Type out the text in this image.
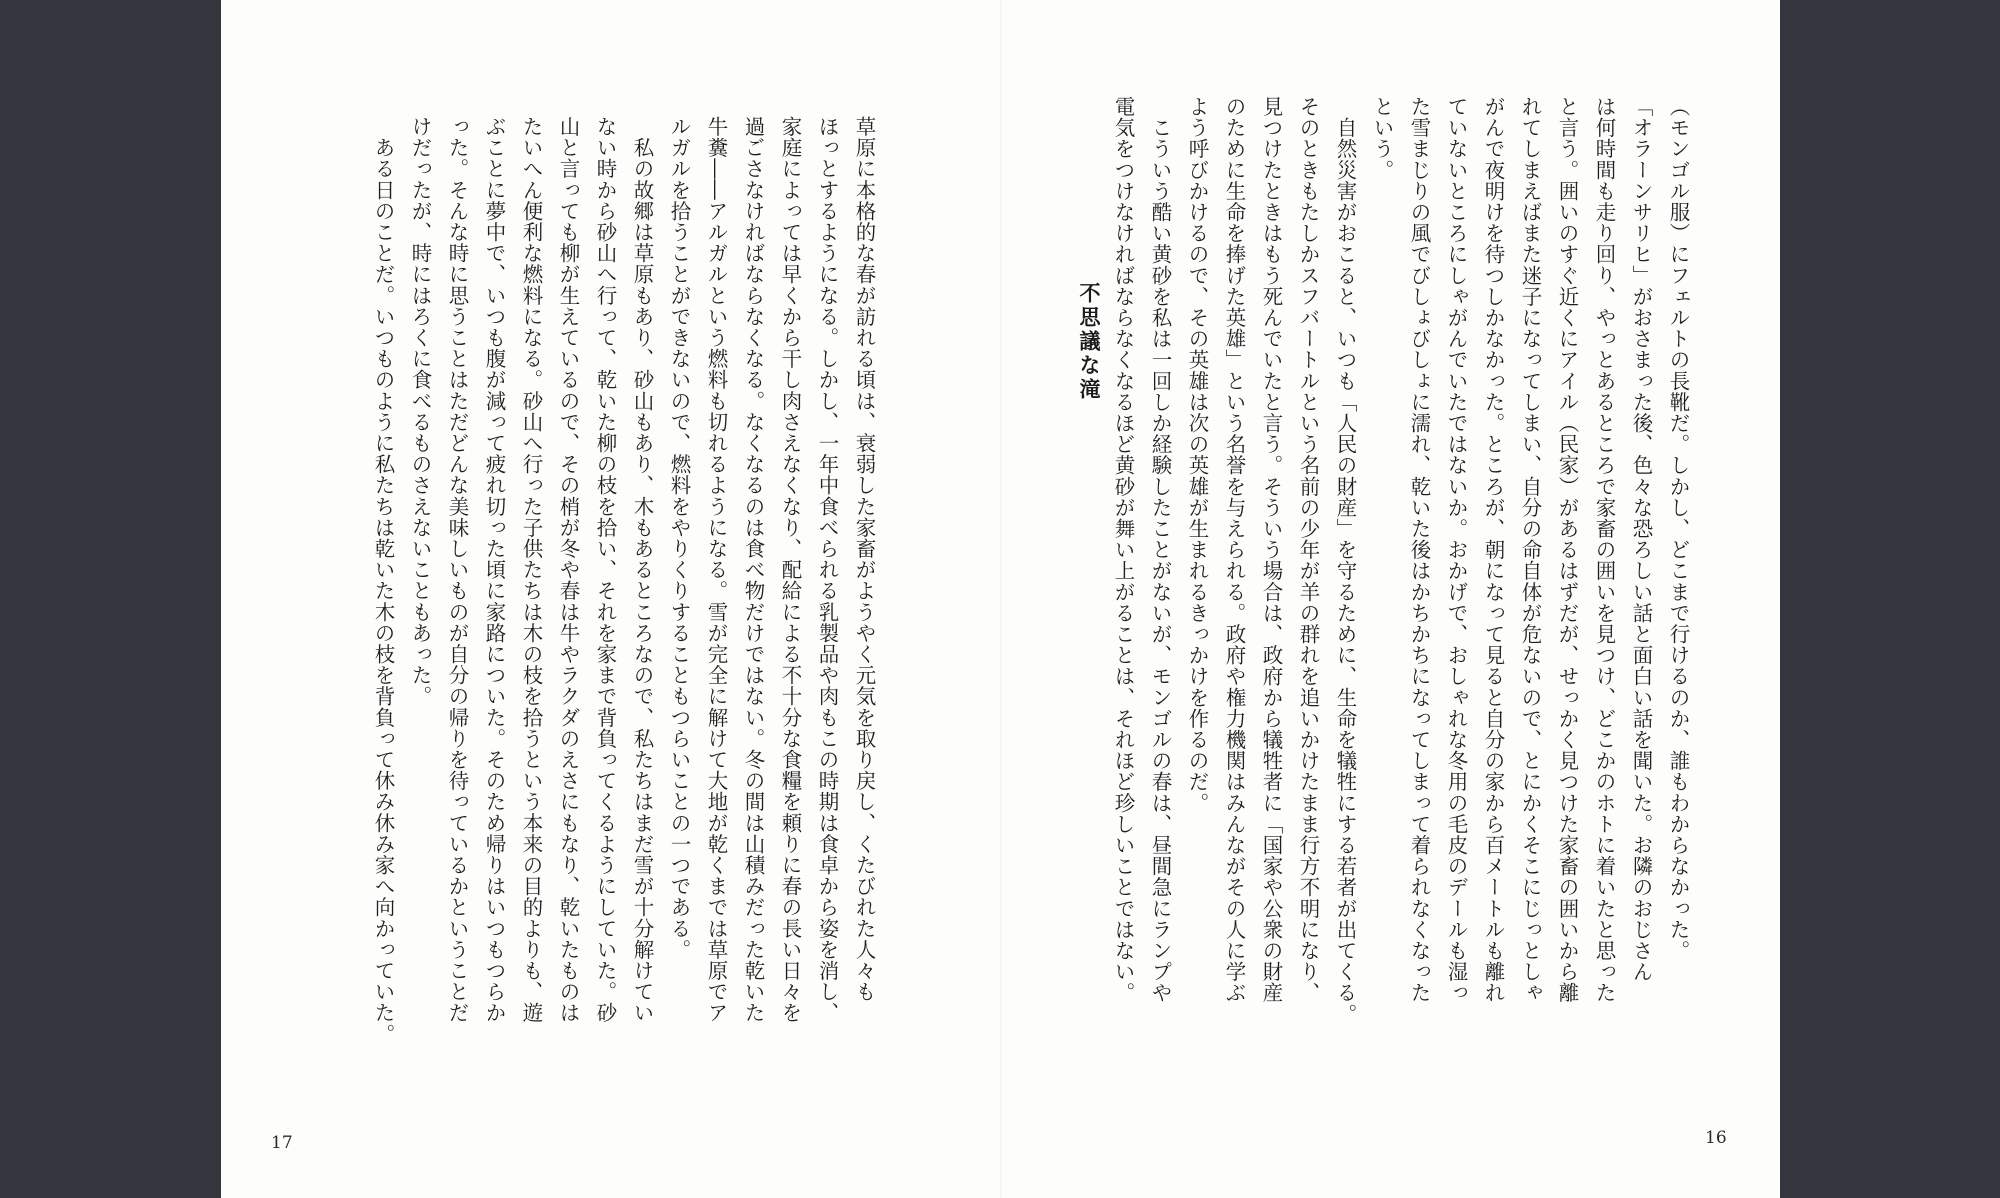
（モンゴル服）にフェルトの長靴だ。しかし、どこまで行けるのか、誰もわからなかった。
「オラーンサリヒ」がおさまった後、色々な恐ろしい話と面白い話を聞いた。お隣のおじさん
は何時間も走り回り、やっとあるところで家畜の囲いを見つけ、どこかのホトに着いたと思った
と言う。囲いのすぐ近くにアイル（民家）があるはずだが、せっかく見つけた家畜の囲いから離
れてしまえばまた迷子になってしまい、自分の命自体が危ないので、とにかくそこにじっとしゃ
がんで夜明けを待つしかなかった。ところが、朝になって見ると自分の家から百メートルも離れ
ていないところにしゃがんでいたではないか。おかげで、おしゃれな冬用の毛皮のデールも湿っ
た雪まじりの風でびしょびしょに濡れ、乾いた後はかちかちになってしまって着られなくなった
という。
　自然災害がおこると、いつも「人民の財産」を守るために、生命を犠牲にする若者が出てくる。
そのときもたしかスフバートルという名前の少年が羊の群れを追いかけたまま行方不明になり、
見つけたときはもう死んでいたと言う。そういう場合は、政府から犠牲者に「国家や公衆の財産
のために生命を捧げた英雄」という名誉を与えられる。政府や権力機関はみんながその人に学ぶ
よう呼びかけるので、その英雄は次の英雄が生まれるきっかけを作るのだ。
　こういう酷い黄砂を私は一回しか経験したことがないが、モンゴルの春は、昼間急にランプや
電気をつけなければならなくなるほど黄砂が舞い上がることは、それほど珍しいことではない。
16
不思議な滝
草原に本格的な春が訪れる頃は、衰弱した家畜がようやく元気を取り戻し、くたびれた人々も
ほっとするようになる。しかし、一年中食べられる乳製品や肉もこの時期は食卓から姿を消し、
家庭によっては早くから干し肉さえなくなり、配給による不十分な食糧を頼りに春の長い日々を
過ごさなければならなくなる。なくなるのは食べ物だけではない。冬の間は山積みだった乾いた
牛糞――アルガルという燃料も切れるようになる。雪が完全に解けて大地が乾くまでは草原でア
ルガルを拾うことができないので、燃料をやりくりすることもつらいことの一つである。
　私の故郷は草原もあり、砂山もあり、木もあるところなので、私たちはまだ雪が十分解けてい
ない時から砂山へ行って、乾いた柳の枝を拾い、それを家まで背負ってくるようにしていた。砂
山と言っても柳が生えているので、その梢が冬や春は牛やラクダのえさにもなり、乾いたものは
たいへん便利な燃料になる。砂山へ行った子供たちは木の枝を拾うという本来の目的よりも、遊
ぶことに夢中で、いつも腹が減って疲れ切った頃に家路についた。そのため帰りはいつもつらか
った。そんな時に思うことはただどんな美味しいものが自分の帰りを待っているかということだ
けだったが、時にはろくに食べるものさえないこともあった。
　ある日のことだ。いつものように私たちは乾いた木の枝を背負って休み休み家へ向かっていた。
17
